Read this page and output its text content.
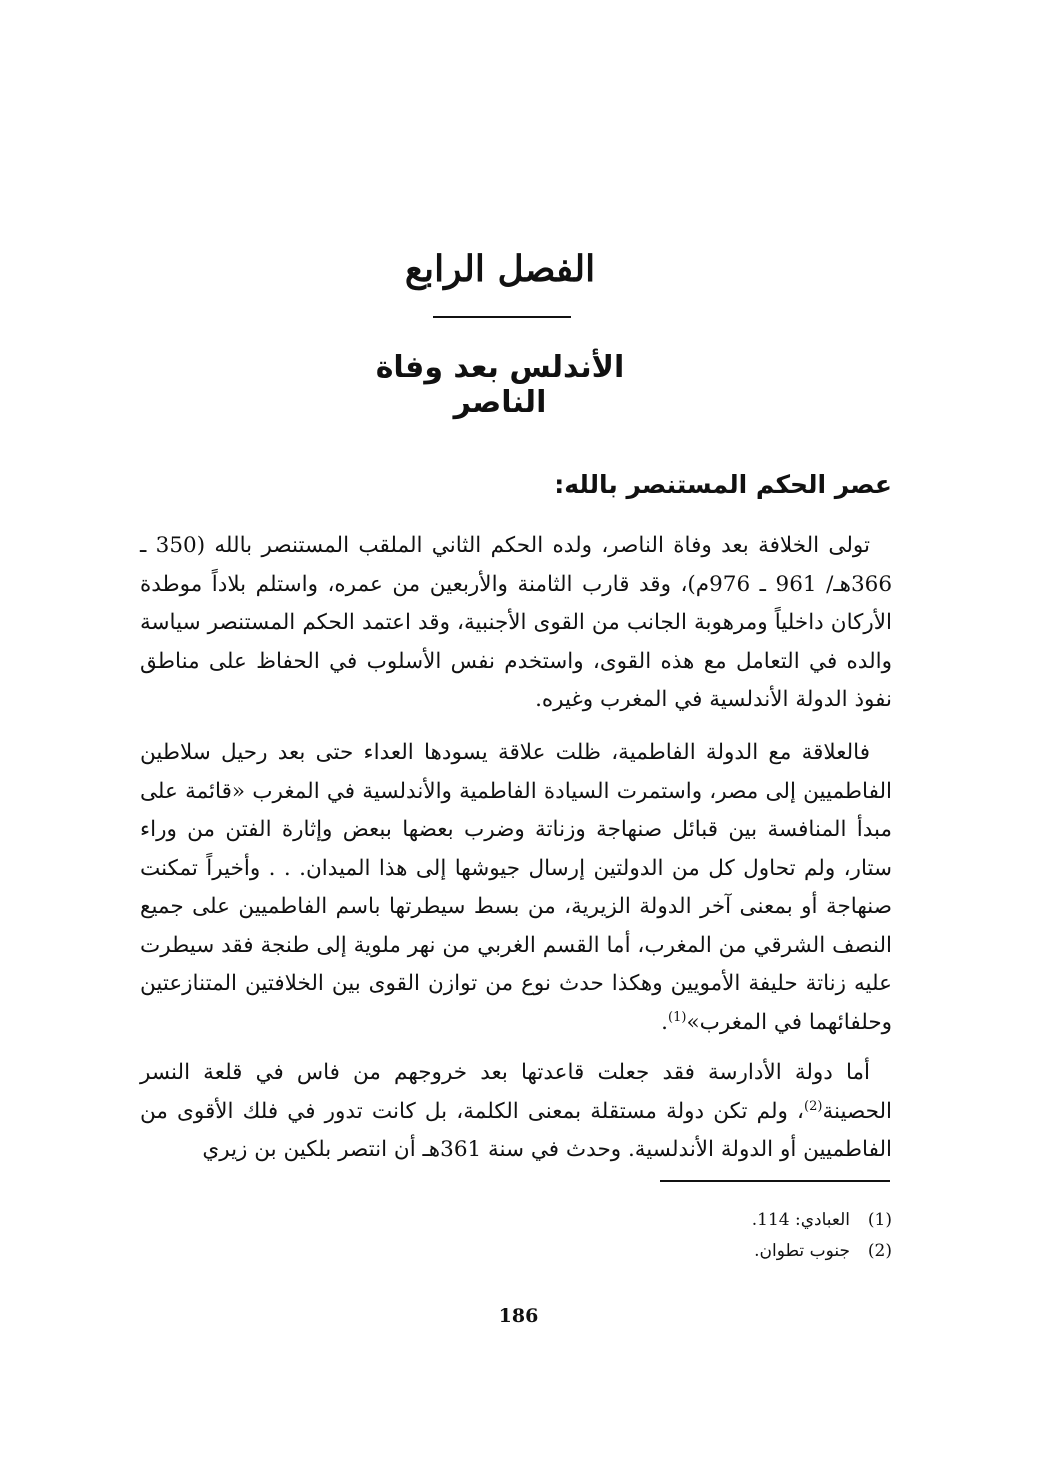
الفصل الرابع
الأندلس بعد وفاة الناصر
عصر الحكم المستنصر بالله:
تولى الخلافة بعد وفاة الناصر، ولده الحكم الثاني الملقب المستنصر بالله (350 ـ 366هـ/ 961 ـ 976م)، وقد قارب الثامنة والأربعين من عمره، واستلم بلاداً موطدة الأركان داخلياً ومرهوبة الجانب من القوى الأجنبية، وقد اعتمد الحكم المستنصر سياسة والده في التعامل مع هذه القوى، واستخدم نفس الأسلوب في الحفاظ على مناطق نفوذ الدولة الأندلسية في المغرب وغيره.
فالعلاقة مع الدولة الفاطمية، ظلت علاقة يسودها العداء حتى بعد رحيل سلاطين الفاطميين إلى مصر، واستمرت السيادة الفاطمية والأندلسية في المغرب «قائمة على مبدأ المنافسة بين قبائل صنهاجة وزناتة وضرب بعضها ببعض وإثارة الفتن من وراء ستار، ولم تحاول كل من الدولتين إرسال جيوشها إلى هذا الميدان. . . وأخيراً تمكنت صنهاجة أو بمعنى آخر الدولة الزيرية، من بسط سيطرتها باسم الفاطميين على جميع النصف الشرقي من المغرب، أما القسم الغربي من نهر ملوية إلى طنجة فقد سيطرت عليه زناتة حليفة الأمويين وهكذا حدث نوع من توازن القوى بين الخلافتين المتنازعتين وحلفائهما في المغرب»$^{(1)}$.
أما دولة الأدارسة فقد جعلت قاعدتها بعد خروجهم من فاس في قلعة النسر الحصينة$^{(2)}$، ولم تكن دولة مستقلة بمعنى الكلمة، بل كانت تدور في فلك الأقوى من الفاطميين أو الدولة الأندلسية. وحدث في سنة 361هـ أن انتصر بلكين بن زيري
(1)العبادي: 114.
(2)جنوب تطوان.
186
